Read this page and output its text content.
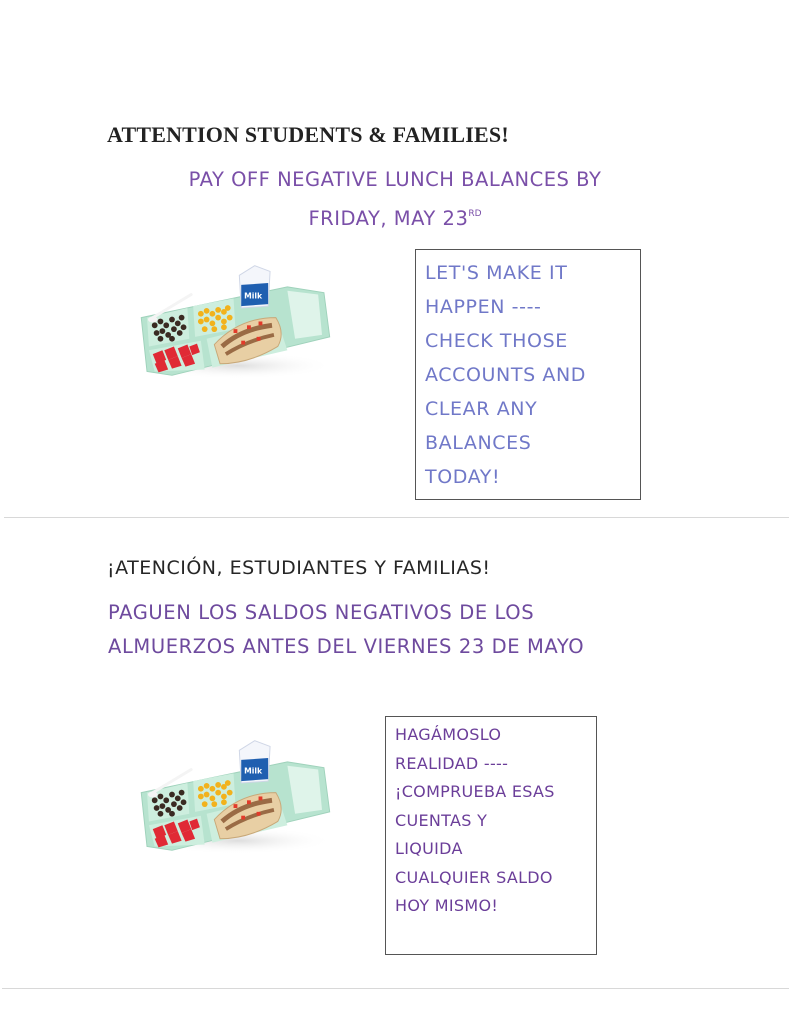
ATTENTION STUDENTS & FAMILIES!
PAY OFF NEGATIVE LUNCH BALANCES BY
FRIDAY, MAY 23RD
Milk
LET'S MAKE IT
HAPPEN ----
CHECK THOSE
ACCOUNTS AND
CLEAR ANY
BALANCES
TODAY!
¡ATENCIÓN, ESTUDIANTES Y FAMILIAS!
PAGUEN LOS SALDOS NEGATIVOS DE LOS
ALMUERZOS ANTES DEL VIERNES 23 DE MAYO
Milk
HAGÁMOSLO
REALIDAD ----
¡COMPRUEBA ESAS
CUENTAS Y
LIQUIDA
CUALQUIER SALDO
HOY MISMO!
